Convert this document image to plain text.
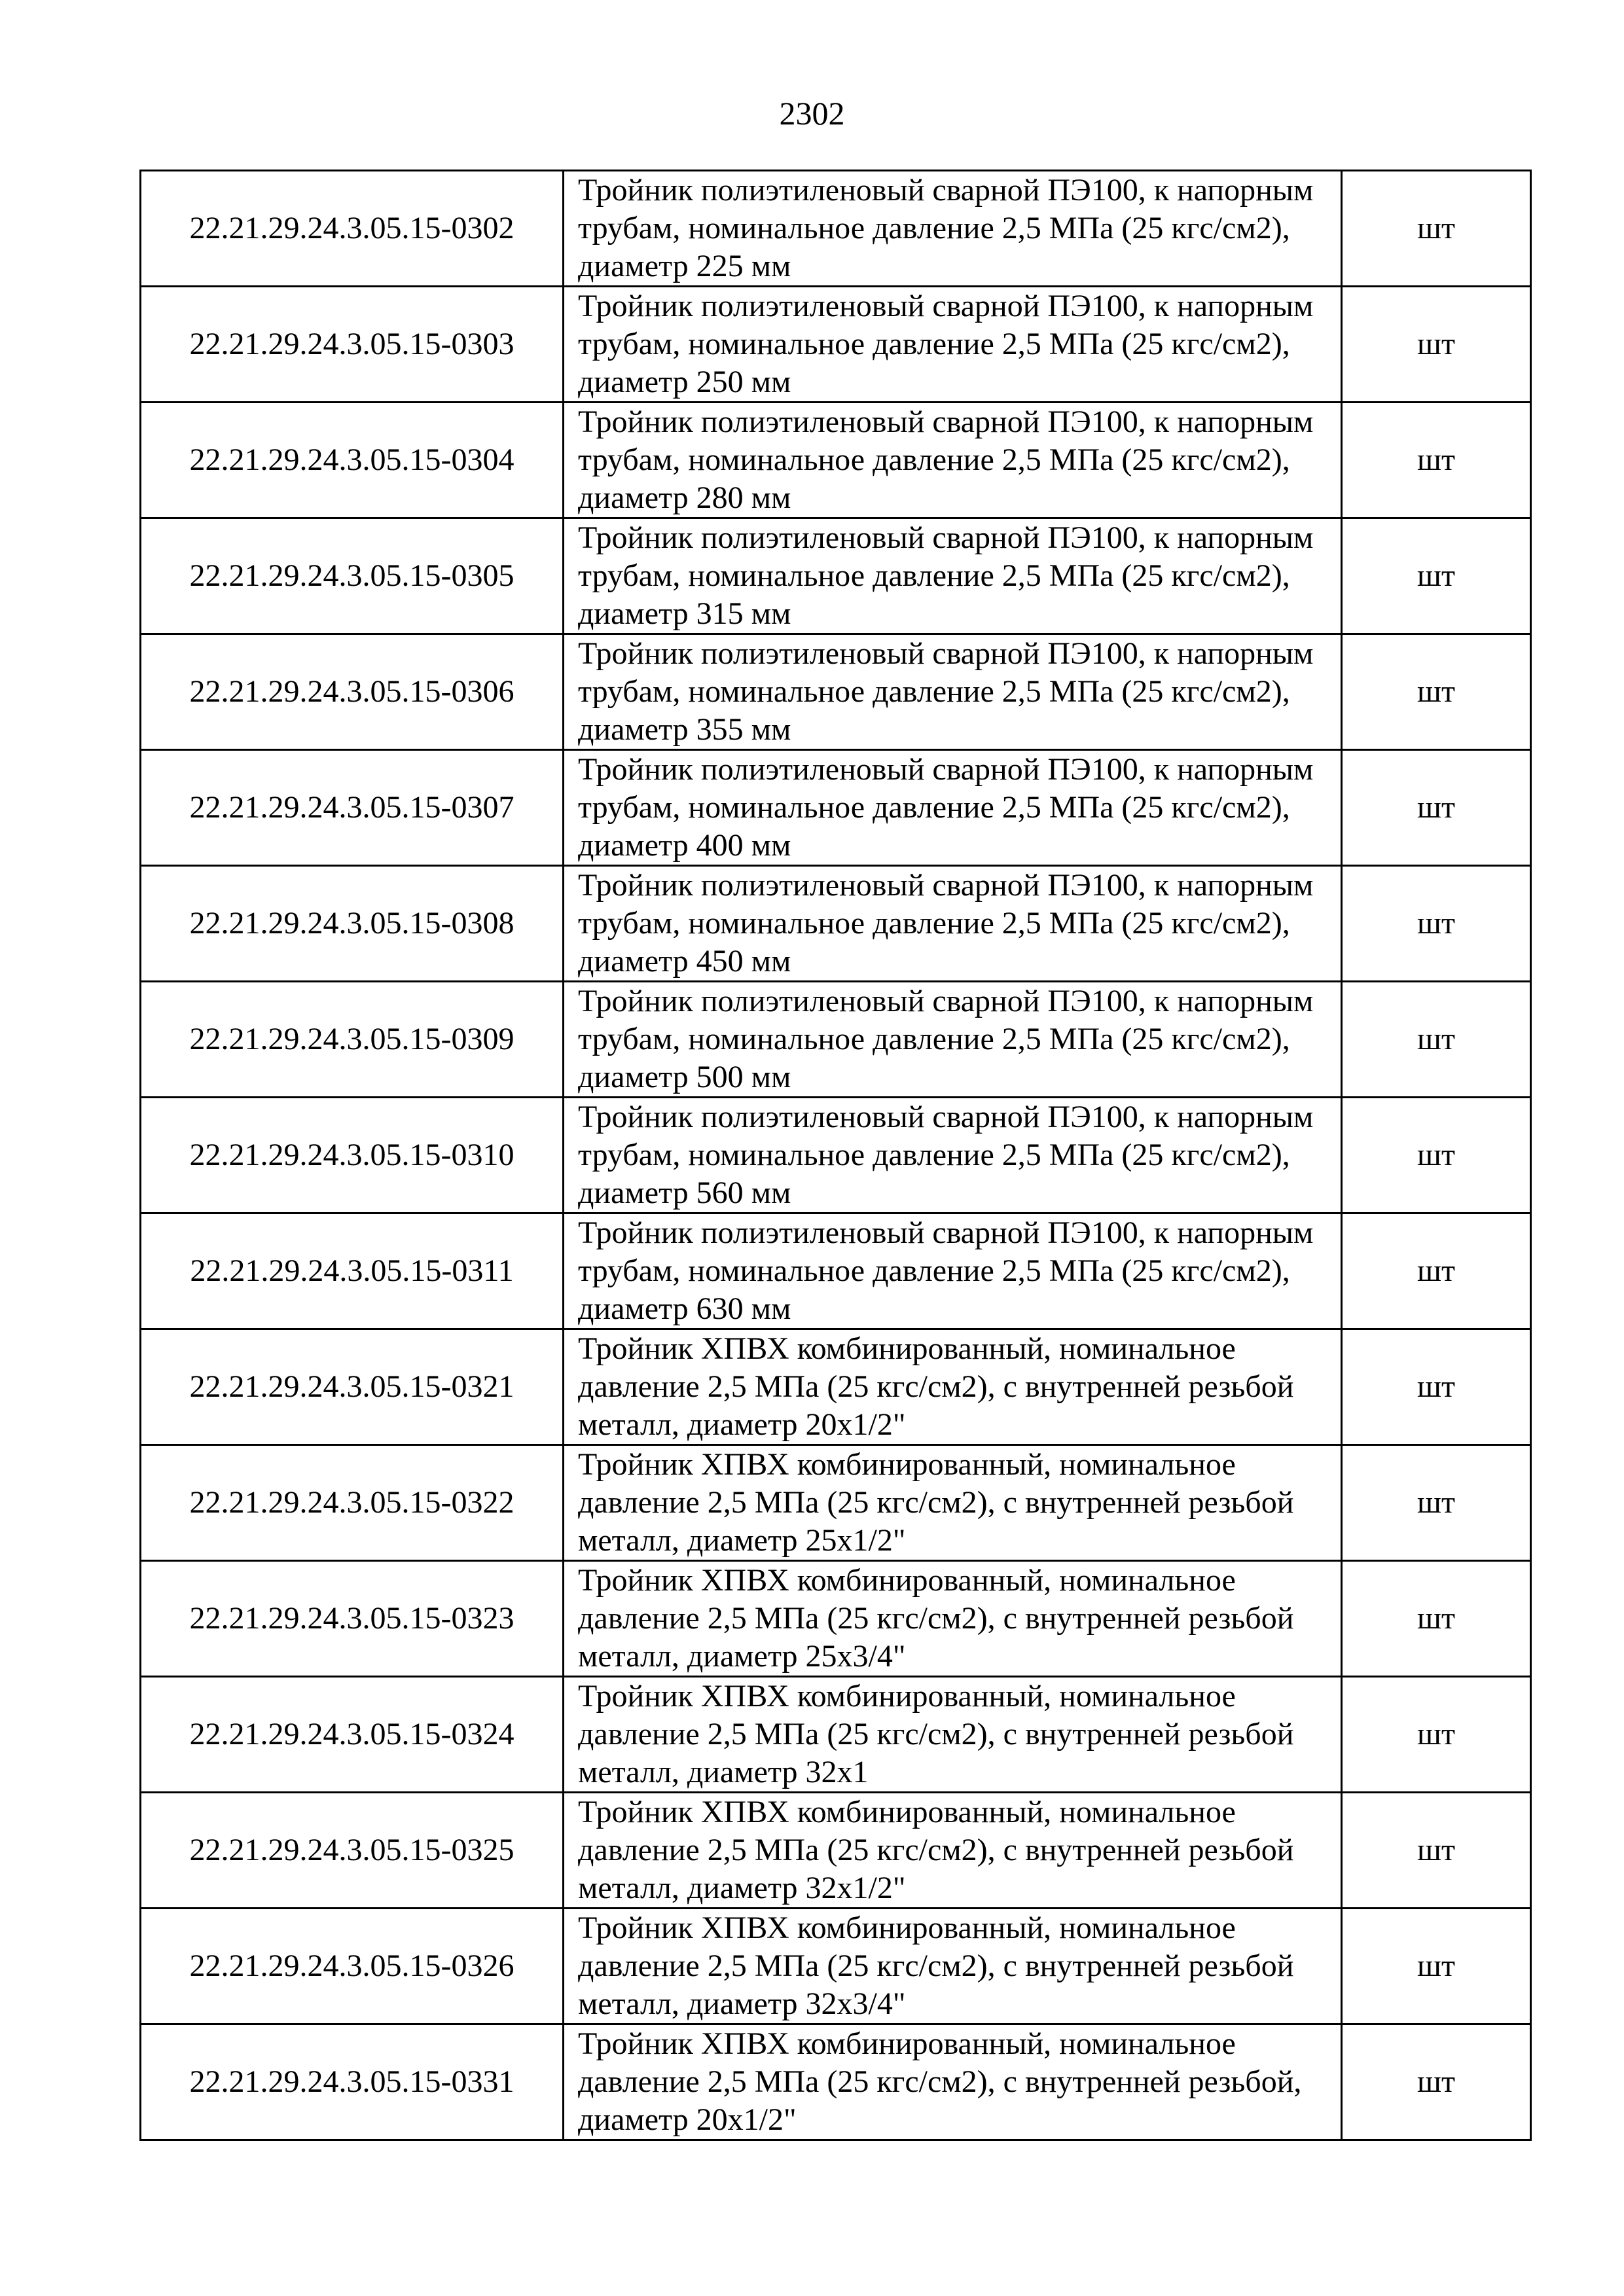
2302
22.21.29.24.3.05.15-0302	Тройник полиэтиленовый сварной ПЭ100, к напорным трубам, номинальное давление 2,5 МПа (25 кгс/см2), диаметр 225 мм	шт
22.21.29.24.3.05.15-0303	Тройник полиэтиленовый сварной ПЭ100, к напорным трубам, номинальное давление 2,5 МПа (25 кгс/см2), диаметр 250 мм	шт
22.21.29.24.3.05.15-0304	Тройник полиэтиленовый сварной ПЭ100, к напорным трубам, номинальное давление 2,5 МПа (25 кгс/см2), диаметр 280 мм	шт
22.21.29.24.3.05.15-0305	Тройник полиэтиленовый сварной ПЭ100, к напорным трубам, номинальное давление 2,5 МПа (25 кгс/см2), диаметр 315 мм	шт
22.21.29.24.3.05.15-0306	Тройник полиэтиленовый сварной ПЭ100, к напорным трубам, номинальное давление 2,5 МПа (25 кгс/см2), диаметр 355 мм	шт
22.21.29.24.3.05.15-0307	Тройник полиэтиленовый сварной ПЭ100, к напорным трубам, номинальное давление 2,5 МПа (25 кгс/см2), диаметр 400 мм	шт
22.21.29.24.3.05.15-0308	Тройник полиэтиленовый сварной ПЭ100, к напорным трубам, номинальное давление 2,5 МПа (25 кгс/см2), диаметр 450 мм	шт
22.21.29.24.3.05.15-0309	Тройник полиэтиленовый сварной ПЭ100, к напорным трубам, номинальное давление 2,5 МПа (25 кгс/см2), диаметр 500 мм	шт
22.21.29.24.3.05.15-0310	Тройник полиэтиленовый сварной ПЭ100, к напорным трубам, номинальное давление 2,5 МПа (25 кгс/см2), диаметр 560 мм	шт
22.21.29.24.3.05.15-0311	Тройник полиэтиленовый сварной ПЭ100, к напорным трубам, номинальное давление 2,5 МПа (25 кгс/см2), диаметр 630 мм	шт
22.21.29.24.3.05.15-0321	Тройник ХПВХ комбинированный, номинальное давление 2,5 МПа (25 кгс/см2), с внутренней резьбой металл, диаметр 20х1/2"	шт
22.21.29.24.3.05.15-0322	Тройник ХПВХ комбинированный, номинальное давление 2,5 МПа (25 кгс/см2), с внутренней резьбой металл, диаметр 25х1/2"	шт
22.21.29.24.3.05.15-0323	Тройник ХПВХ комбинированный, номинальное давление 2,5 МПа (25 кгс/см2), с внутренней резьбой металл, диаметр 25х3/4"	шт
22.21.29.24.3.05.15-0324	Тройник ХПВХ комбинированный, номинальное давление 2,5 МПа (25 кгс/см2), с внутренней резьбой металл, диаметр 32х1	шт
22.21.29.24.3.05.15-0325	Тройник ХПВХ комбинированный, номинальное давление 2,5 МПа (25 кгс/см2), с внутренней резьбой металл, диаметр 32х1/2"	шт
22.21.29.24.3.05.15-0326	Тройник ХПВХ комбинированный, номинальное давление 2,5 МПа (25 кгс/см2), с внутренней резьбой металл, диаметр 32х3/4"	шт
22.21.29.24.3.05.15-0331	Тройник ХПВХ комбинированный, номинальное давление 2,5 МПа (25 кгс/см2), с внутренней резьбой, диаметр 20х1/2"	шт
